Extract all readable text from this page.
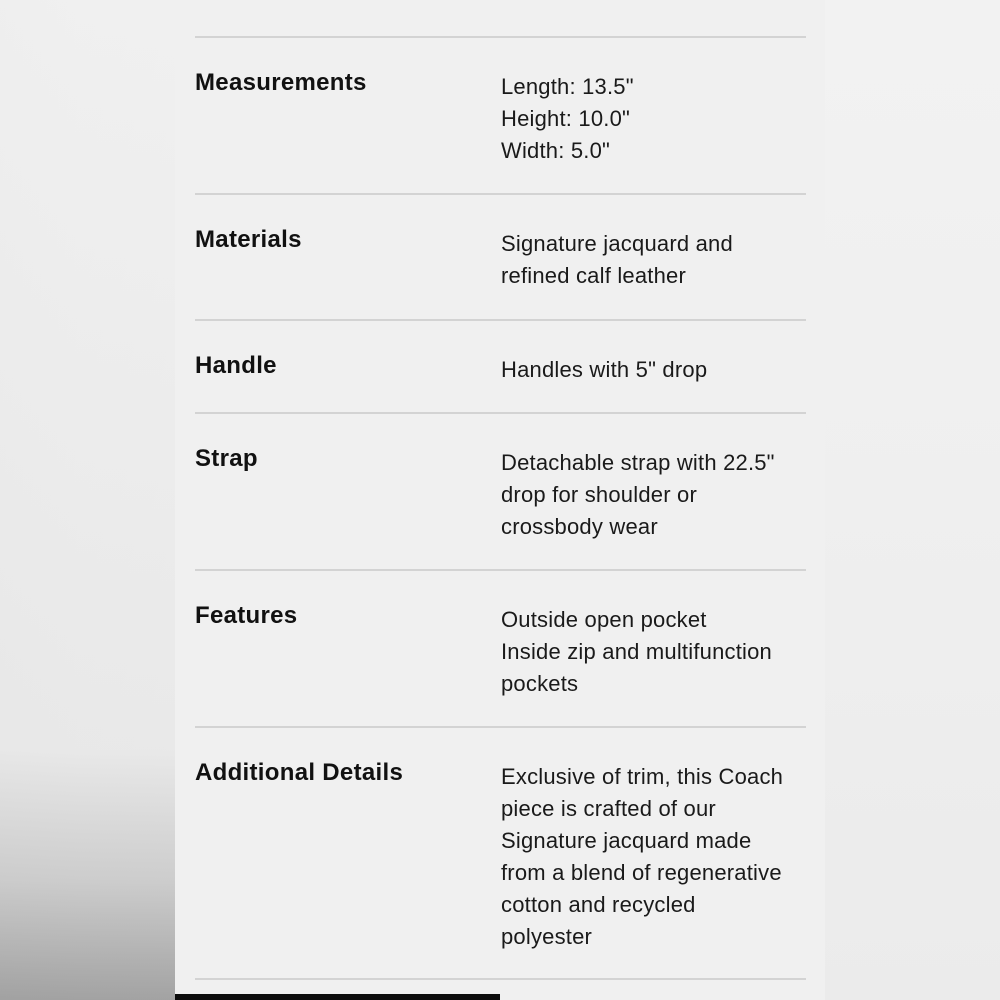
Measurements	Length: 13.5"
Height: 10.0"
Width: 5.0"
Materials	Signature jacquard and
refined calf leather
Handle	Handles with 5" drop
Strap	Detachable strap with 22.5"
drop for shoulder or
crossbody wear
Features	Outside open pocket
Inside zip and multifunction
pockets
Additional Details	Exclusive of trim, this Coach
piece is crafted of our
Signature jacquard made
from a blend of regenerative
cotton and recycled
polyester
